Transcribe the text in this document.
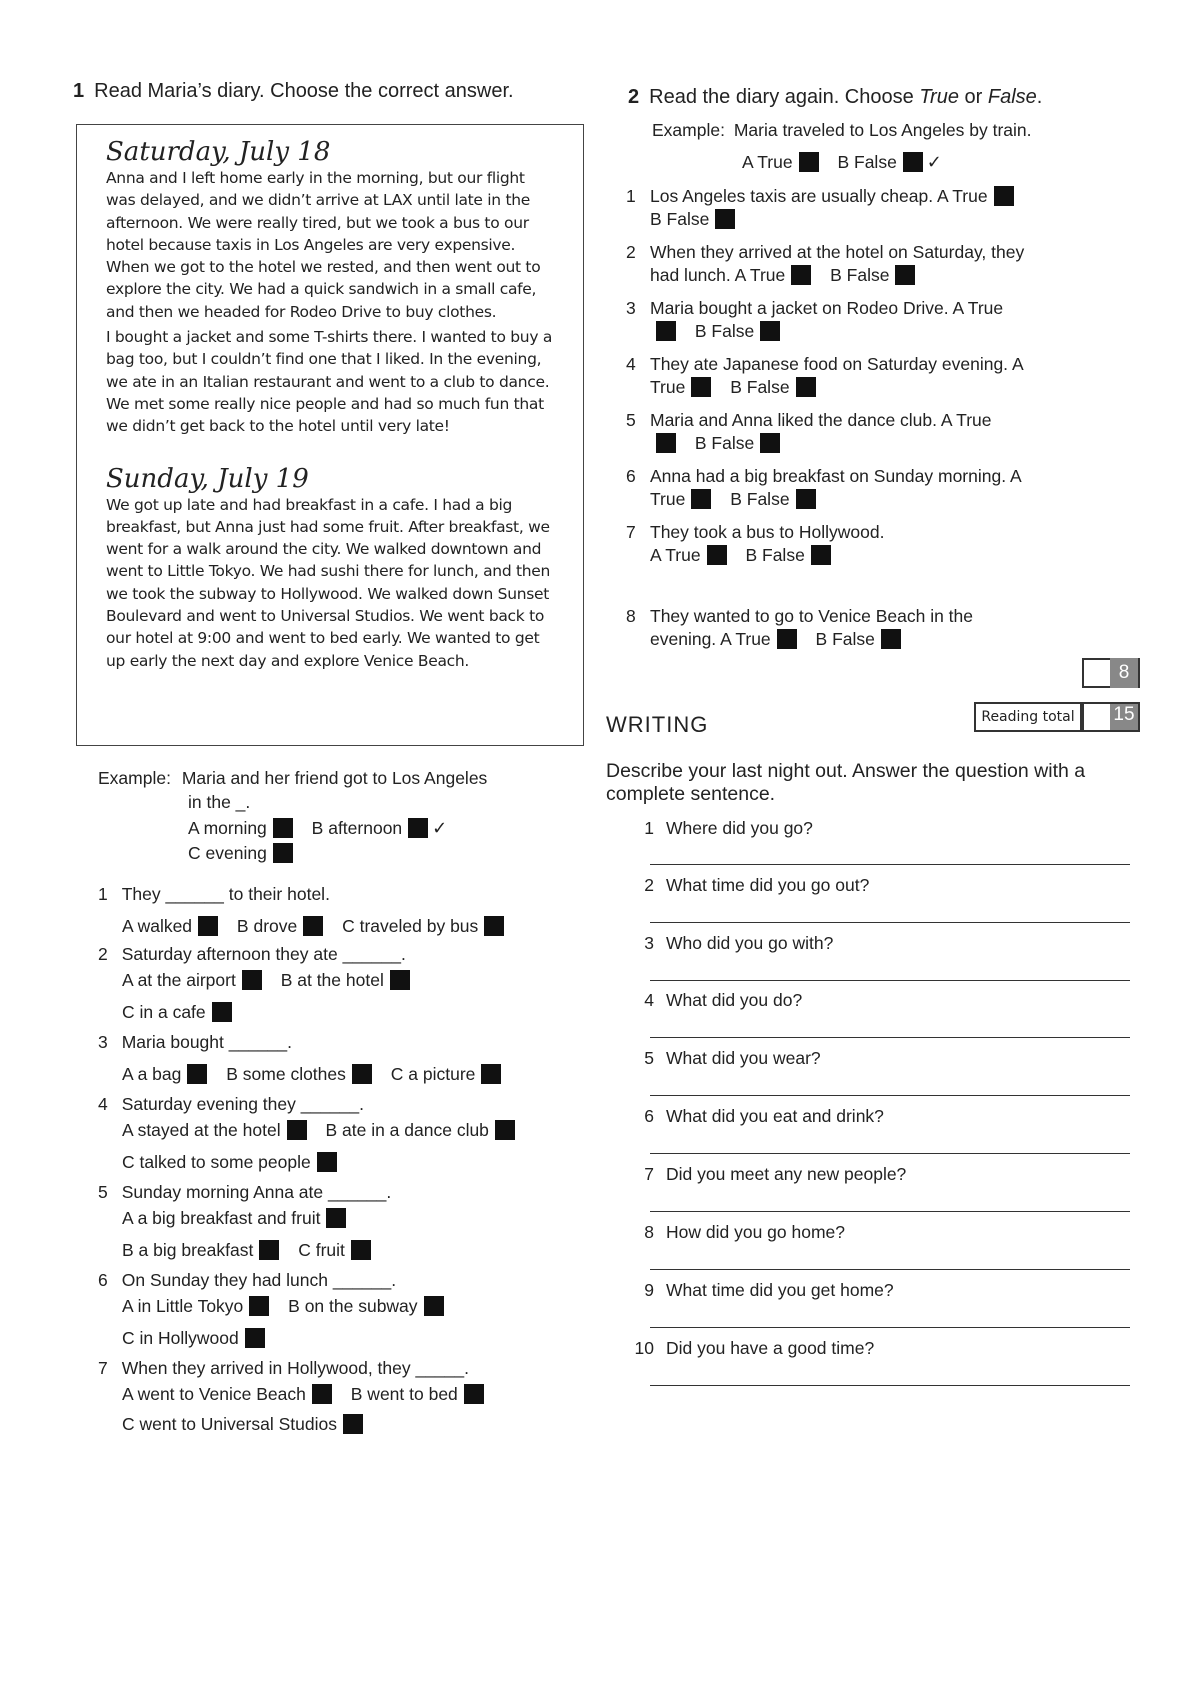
1 Read Maria’s diary. Choose the correct answer.
Saturday, July 18

Anna and I left home early in the morning, but our flight was delayed, and we didn’t arrive at LAX until late in the afternoon. We were really tired, but we took a bus to our hotel because taxis in Los Angeles are very expensive. When we got to the hotel we rested, and then went out to explore the city. We had a quick sandwich in a small cafe, and then we headed for Rodeo Drive to buy clothes.

I bought a jacket and some T-shirts there. I wanted to buy a bag too, but I couldn’t find one that I liked. In the evening, we ate in an Italian restaurant and went to a club to dance. We met some really nice people and had so much fun that we didn’t get back to the hotel until very late!

Sunday, July 19

We got up late and had breakfast in a cafe. I had a big breakfast, but Anna just had some fruit. After breakfast, we went for a walk around the city. We walked downtown and went to Little Tokyo. We had sushi there for lunch, and then we took the subway to Hollywood. We walked down Sunset Boulevard and went to Universal Studios. We went back to our hotel at 9:00 and went to bed early. We wanted to get up early the next day and explore Venice Beach.

Example: Maria and her friend got to Los Angeles
in the _.
A morning	B afternoon ✓
C evening
1 They ______ to their hotel.
A walked	B drove	C traveled by bus
2 Saturday afternoon they ate ______.
A at the airport	B at the hotel
C in a cafe
3 Maria bought ______.
A a bag	B some clothes	C a picture
4 Saturday evening they ______.
A stayed at the hotel	B ate in a dance club
C talked to some people
5 Sunday morning Anna ate ______.
A a big breakfast and fruit
B a big breakfast	C fruit
6 On Sunday they had lunch ______.
A in Little Tokyo	B on the subway
C in Hollywood
7 When they arrived in Hollywood, they _____.
A went to Venice Beach	B went to bed
C went to Universal Studios
2 Read the diary again. Choose True or False.
Example: Maria traveled to Los Angeles by train.
A True	B False ✓
1 Los Angeles taxis are usually cheap. A True B False
2 When they arrived at the hotel on Saturday, they had lunch. A True	B False
3 Maria bought a jacket on Rodeo Drive. A True B False
4 They ate Japanese food on Saturday evening. A True	B False
5 Maria and Anna liked the dance club. A True B False
6 Anna had a big breakfast on Sunday morning. A True	B False
7 They took a bus to Hollywood. A True	B False
8 They wanted to go to Venice Beach in the evening. A True	B False
8
Reading total	15
WRITING
Describe your last night out. Answer the question with a complete sentence.
1 Where did you go?
2 What time did you go out?
3 Who did you go with?
4 What did you do?
5 What did you wear?
6 What did you eat and drink?
7 Did you meet any new people?
8 How did you go home?
9 What time did you get home?
10 Did you have a good time?
